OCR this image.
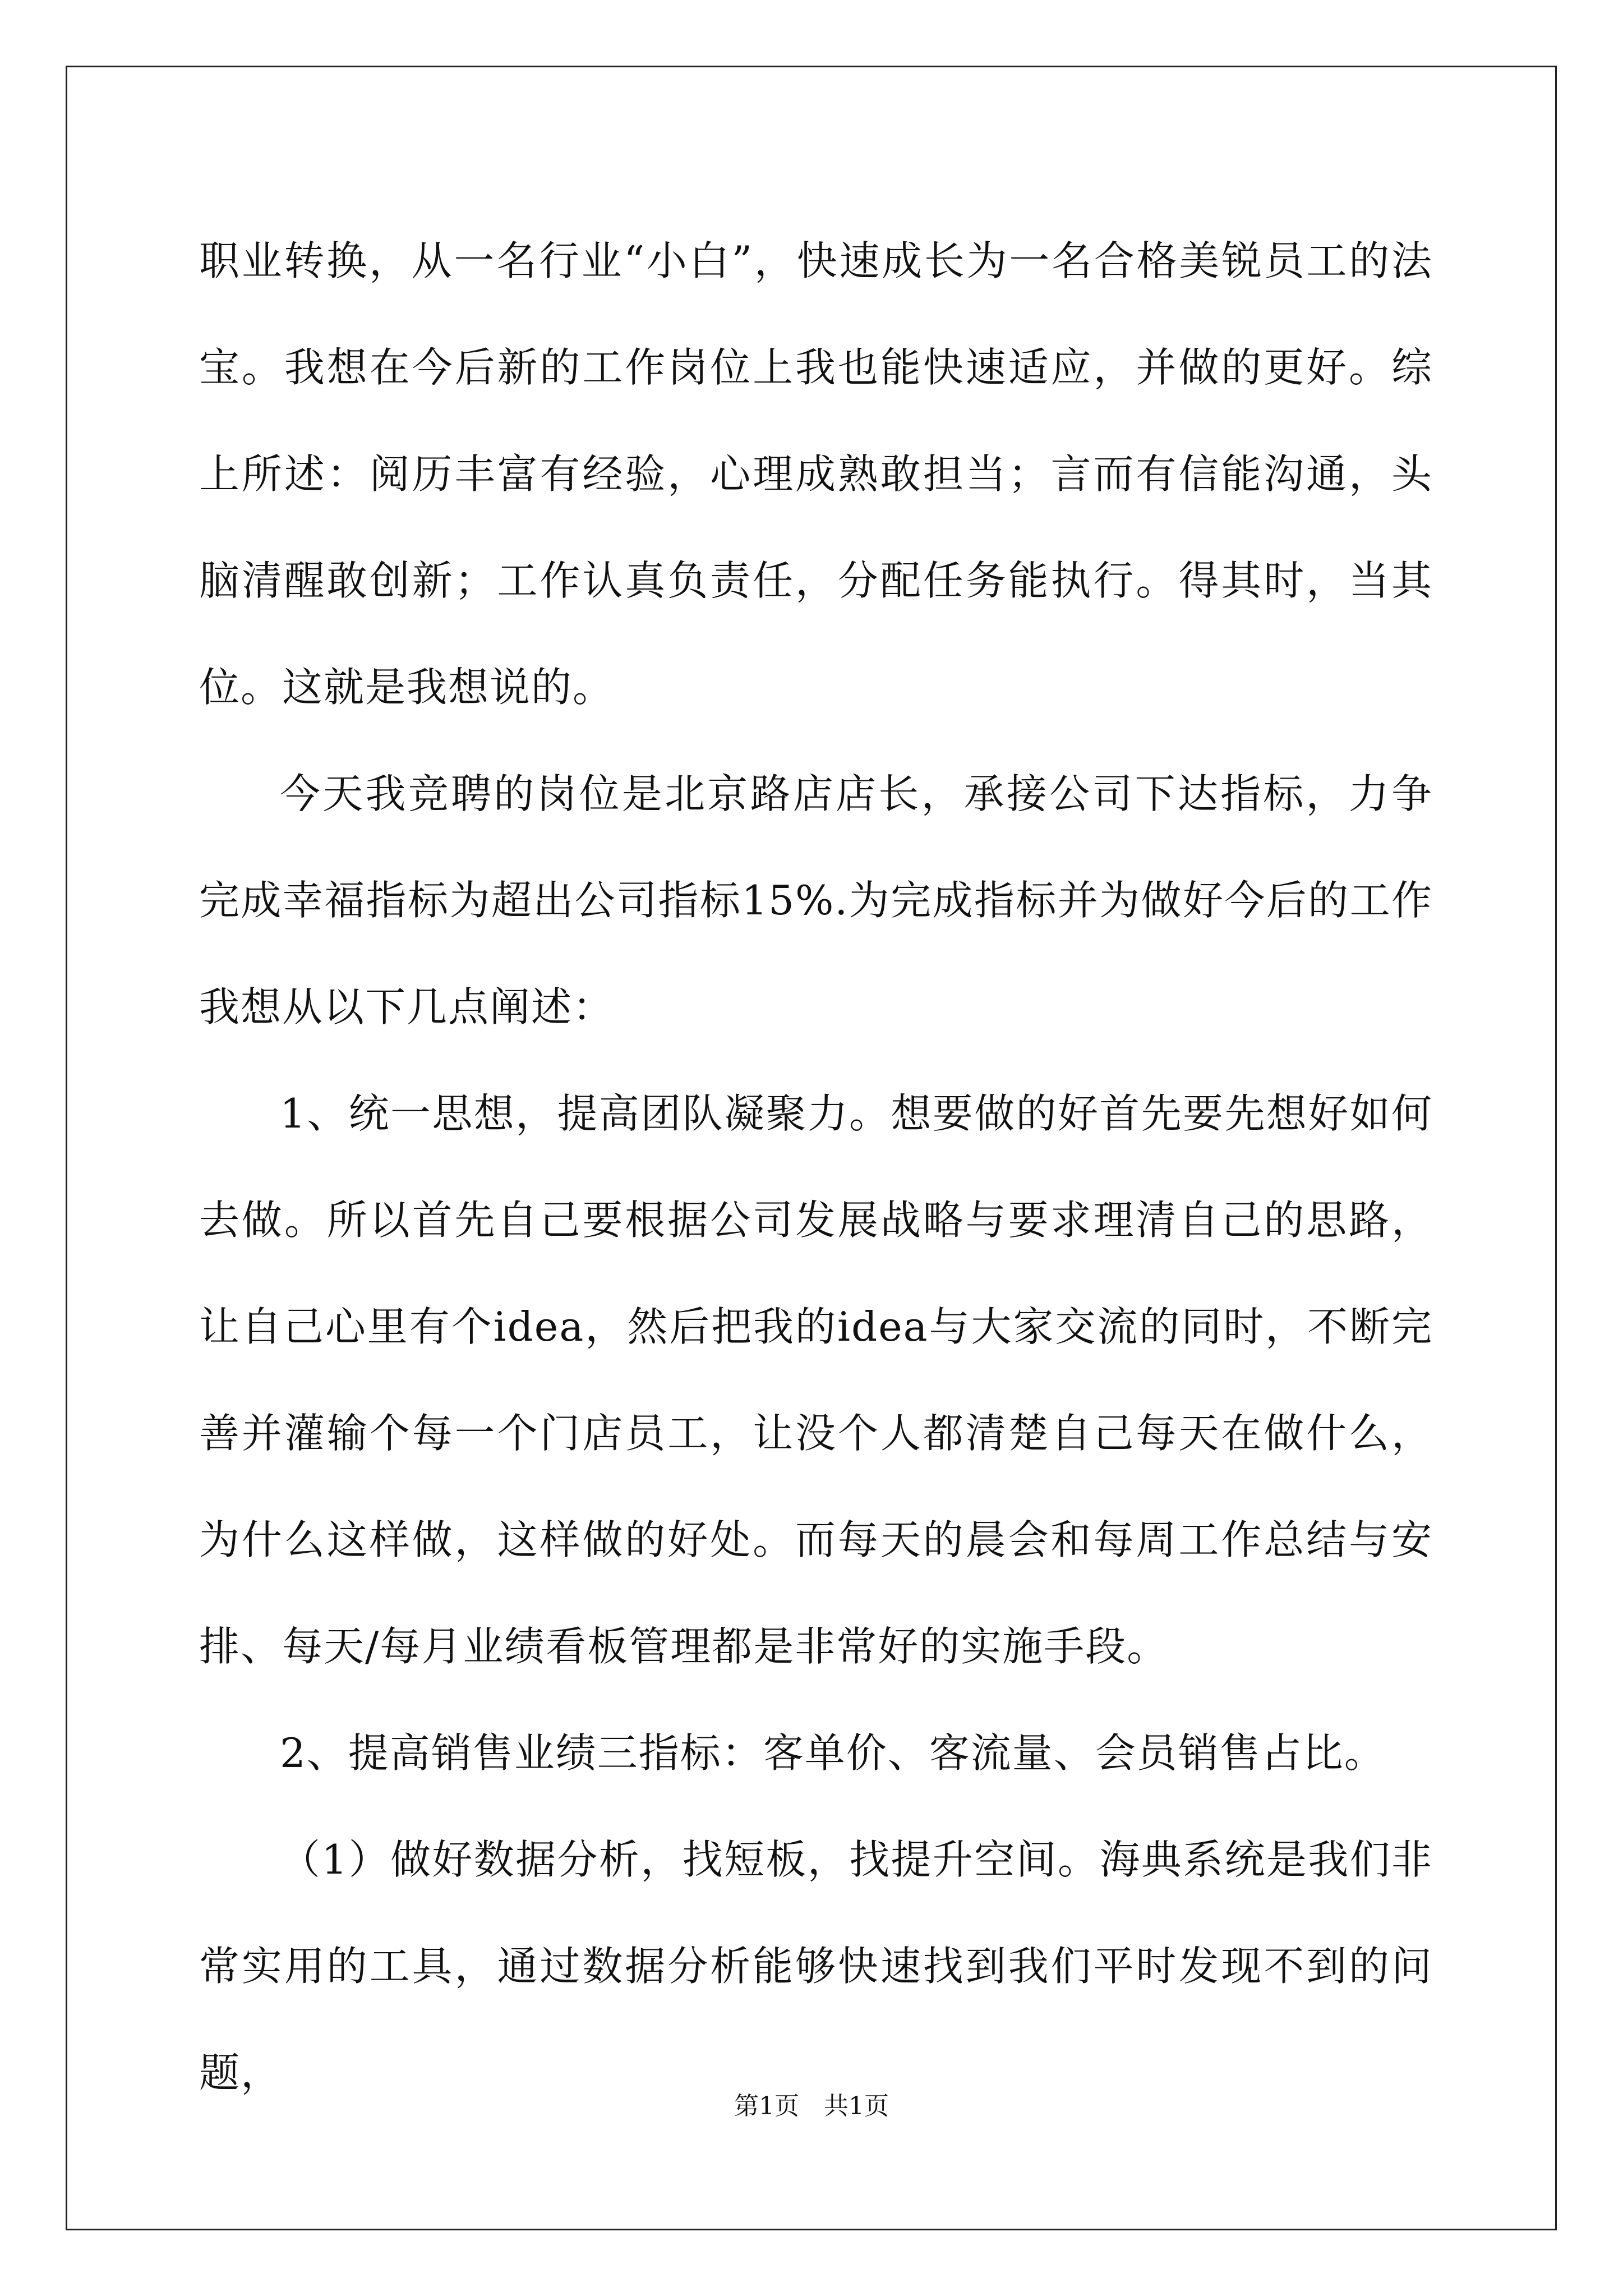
职业转换，从一名行业“小白”，快速成长为一名合格美锐员工的法宝。我想在今后新的工作岗位上我也能快速适应，并做的更好。综上所述：阅历丰富有经验，心理成熟敢担当；言而有信能沟通，头脑清醒敢创新；工作认真负责任，分配任务能执行。得其时，当其位。这就是我想说的。

今天我竞聘的岗位是北京路店店长，承接公司下达指标，力争完成幸福指标为超出公司指标15%.为完成指标并为做好今后的工作我想从以下几点阐述：

1、统一思想，提高团队凝聚力。想要做的好首先要先想好如何去做。所以首先自己要根据公司发展战略与要求理清自己的思路，让自己心里有个idea，然后把我的idea与大家交流的同时，不断完善并灌输个每一个门店员工，让没个人都清楚自己每天在做什么，为什么这样做，这样做的好处。而每天的晨会和每周工作总结与安排、每天/每月业绩看板管理都是非常好的实施手段。

2、提高销售业绩三指标：客单价、客流量、会员销售占比。

（1）做好数据分析，找短板，找提升空间。海典系统是我们非常实用的工具，通过数据分析能够快速找到我们平时发现不到的问题，

第1页　共1页
